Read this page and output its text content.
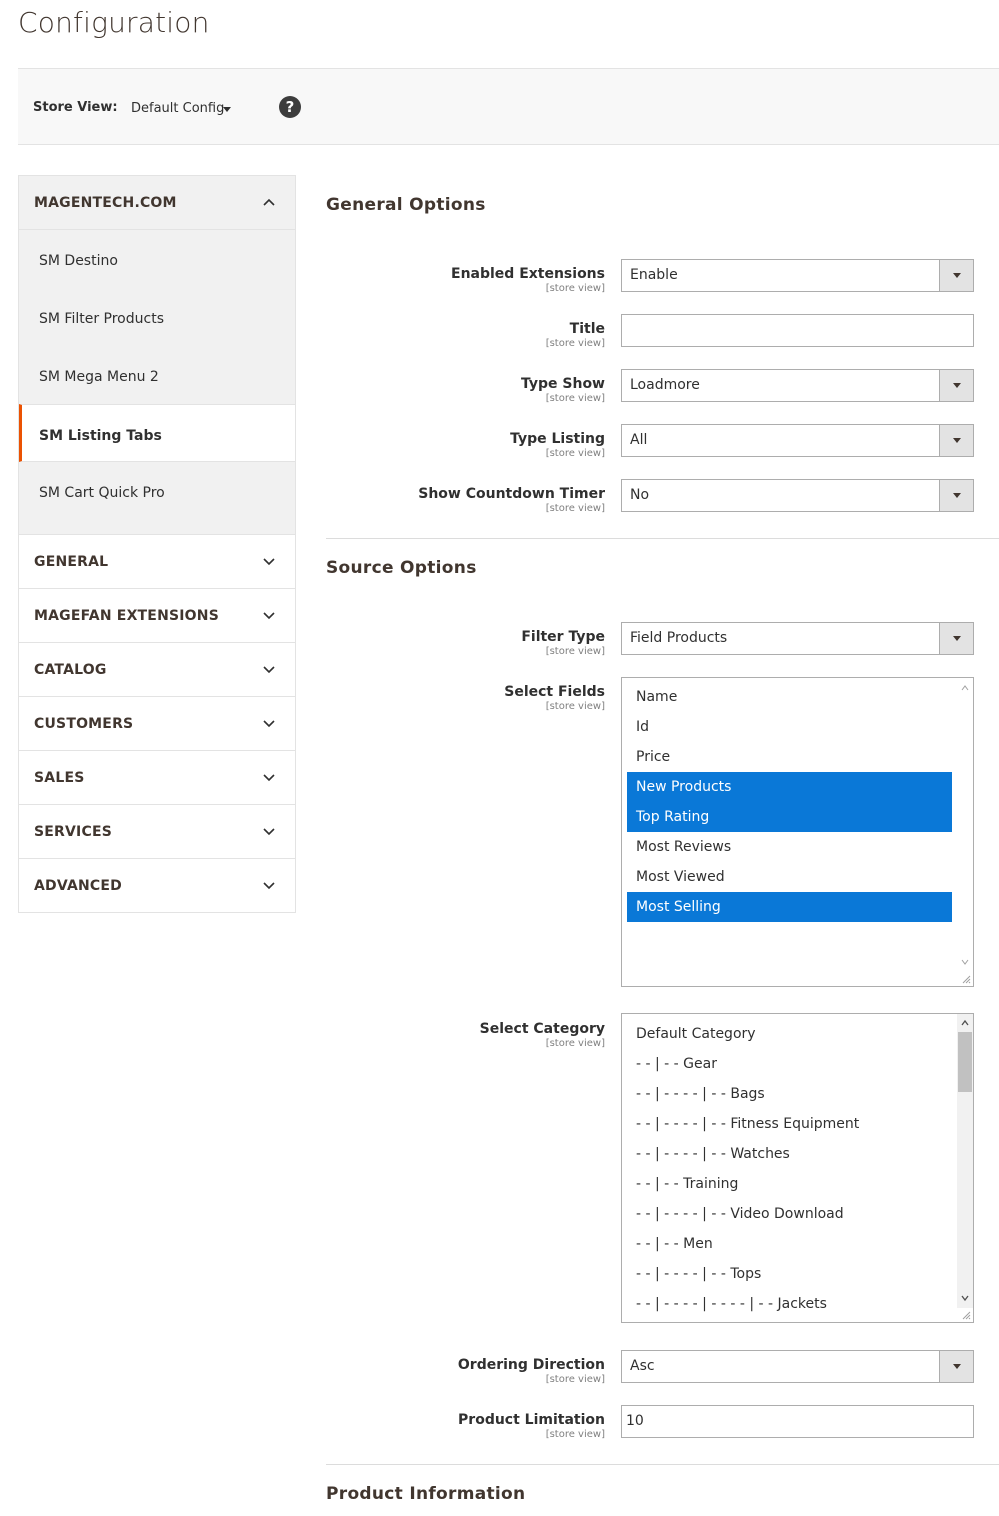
Configuration
Store View: Default Config	?
MAGENTECH.COM
SM Destino
SM Filter Products
SM Mega Menu 2
SM Listing Tabs
SM Cart Quick Pro
GENERAL
MAGEFAN EXTENSIONS
CATALOG
CUSTOMERS
SALES
SERVICES
ADVANCED
General Options
Enabled Extensions
[store view]
Enable
Title
[store view]
Type Show
[store view]
Loadmore
Type Listing
[store view]
All
Show Countdown Timer
[store view]
No
Source Options
Filter Type
[store view]
Field Products
Select Fields
[store view]
Name
Id
Price
New Products
Top Rating
Most Reviews
Most Viewed
Most Selling
Select Category
[store view]
Default Category
- - | - - Gear
- - | - - - - | - - Bags
- - | - - - - | - - Fitness Equipment
- - | - - - - | - - Watches
- - | - - Training
- - | - - - - | - - Video Download
- - | - - Men
- - | - - - - | - - Tops
- - | - - - - | - - - - | - - Jackets
Ordering Direction
[store view]
Asc
Product Limitation
[store view]
10
Product Information
